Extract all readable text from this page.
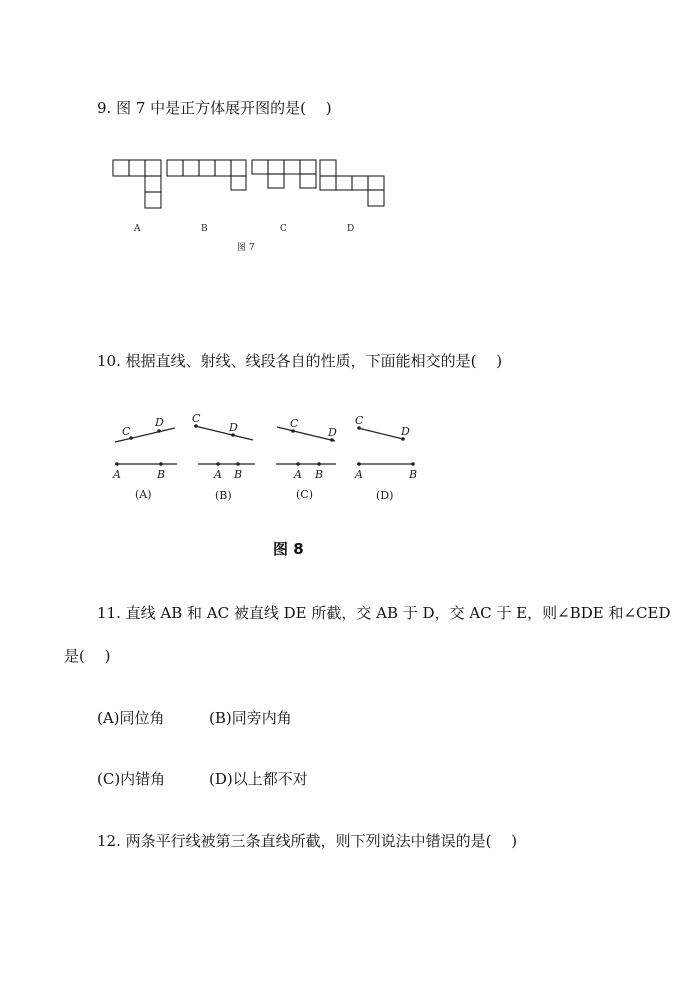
9. 图 7 中是正方体展开图的是(　 )
A	B	C	D
图 7
10. 根据直线、射线、线段各自的性质，下面能相交的是(　 )
C
D
A	B
C
D
A B
C
D
A B
C
D
A	B
(A)	(B)	(C)	(D)
图 8
11. 直线 AB 和 AC 被直线 DE 所截，交 AB 于 D，交 AC 于 E，则∠BDE 和∠CED
是(　 )
(A)同位角	(B)同旁内角
(C)内错角	(D)以上都不对
12. 两条平行线被第三条直线所截，则下列说法中错误的是(　 )
